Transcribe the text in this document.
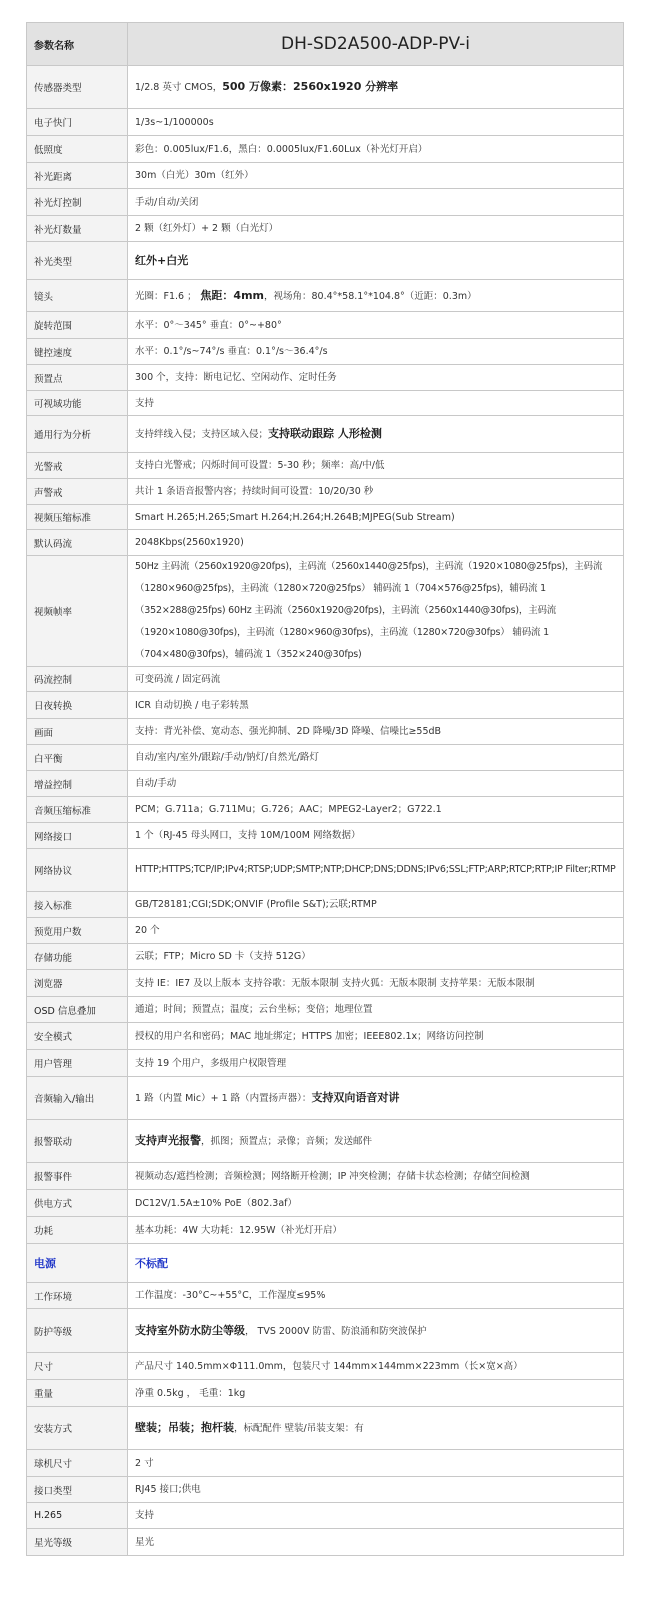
参数名称	DH-SD2A500-ADP-PV-i
传感器类型	1/2.8 英寸 CMOS，500 万像素：2560x1920 分辨率
电子快门	1/3s~1/100000s
低照度	彩色：0.005lux/F1.6，黑白：0.0005lux/F1.60Lux（补光灯开启）
补光距离	30m（白光）30m（红外）
补光灯控制	手动/自动/关闭
补光灯数量	2 颗（红外灯）+ 2 颗（白光灯）
补光类型	红外+白光
镜头	光圈：F1.6 ； 焦距：4mm，视场角：80.4°*58.1°*104.8°（近距：0.3m）
旋转范围	水平：0°～345° 垂直：0°~+80°
键控速度	水平：0.1°/s~74°/s 垂直：0.1°/s～36.4°/s
预置点	300 个，支持：断电记忆、空闲动作、定时任务
可视域功能	支持
通用行为分析	支持绊线入侵；支持区域入侵；支持联动跟踪 人形检测
光警戒	支持白光警戒；闪烁时间可设置：5-30 秒；频率：高/中/低
声警戒	共计 1 条语音报警内容；持续时间可设置：10/20/30 秒
视频压缩标准	Smart H.265;H.265;Smart H.264;H.264;H.264B;MJPEG(Sub Stream)
默认码流	2048Kbps(2560x1920)
视频帧率	50Hz 主码流（2560x1920@20fps)，主码流（2560x1440@25fps)，主码流（1920×1080@25fps)，主码流（1280×960@25fps)，主码流（1280×720@25fps） 辅码流 1（704×576@25fps)，辅码流 1（352×288@25fps) 60Hz 主码流（2560x1920@20fps)，主码流（2560x1440@30fps)，主码流（1920×1080@30fps)，主码流（1280×960@30fps)，主码流（1280×720@30fps） 辅码流 1（704×480@30fps)，辅码流 1（352×240@30fps)
码流控制	可变码流 / 固定码流
日夜转换	ICR 自动切换 / 电子彩转黑
画面	支持：背光补偿、宽动态、强光抑制、2D 降噪/3D 降噪、信噪比≥55dB
白平衡	自动/室内/室外/跟踪/手动/钠灯/自然光/路灯
增益控制	自动/手动
音频压缩标准	PCM；G.711a；G.711Mu；G.726；AAC；MPEG2-Layer2；G722.1
网络接口	1 个（RJ-45 母头网口，支持 10M/100M 网络数据）
网络协议	HTTP;HTTPS;TCP/IP;IPv4;RTSP;UDP;SMTP;NTP;DHCP;DNS;DDNS;IPv6;SSL;FTP;ARP;RTCP;RTP;IP Filter;RTMP
接入标准	GB/T28181;CGI;SDK;ONVIF (Profile S&T);云联;RTMP
预览用户数	20 个
存储功能	云联；FTP；Micro SD 卡（支持 512G）
浏览器	支持 IE：IE7 及以上版本 支持谷歌：无版本限制 支持火狐：无版本限制 支持苹果：无版本限制
OSD 信息叠加	通道；时间；预置点；温度；云台坐标；变倍；地理位置
安全模式	授权的用户名和密码；MAC 地址绑定；HTTPS 加密；IEEE802.1x；网络访问控制
用户管理	支持 19 个用户，多级用户权限管理
音频输入/输出	1 路（内置 Mic）+ 1 路（内置扬声器）：支持双向语音对讲
报警联动	支持声光报警，抓图；预置点；录像；音频；发送邮件
报警事件	视频动态/遮挡检测；音频检测；网络断开检测；IP 冲突检测；存储卡状态检测；存储空间检测
供电方式	DC12V/1.5A±10% PoE（802.3af）
功耗	基本功耗：4W 大功耗：12.95W（补光灯开启）
电源	不标配
工作环境	工作温度：-30°C~+55°C，工作湿度≤95%
防护等级	支持室外防水防尘等级， TVS 2000V 防雷、防浪涌和防突波保护
尺寸	产品尺寸 140.5mm×Φ111.0mm，包装尺寸 144mm×144mm×223mm（长×宽×高）
重量	净重 0.5kg ， 毛重：1kg
安装方式	壁装；吊装；抱杆装，标配配件 壁装/吊装支架：有
球机尺寸	2 寸
接口类型	RJ45 接口;供电
H.265	支持
星光等级	星光
